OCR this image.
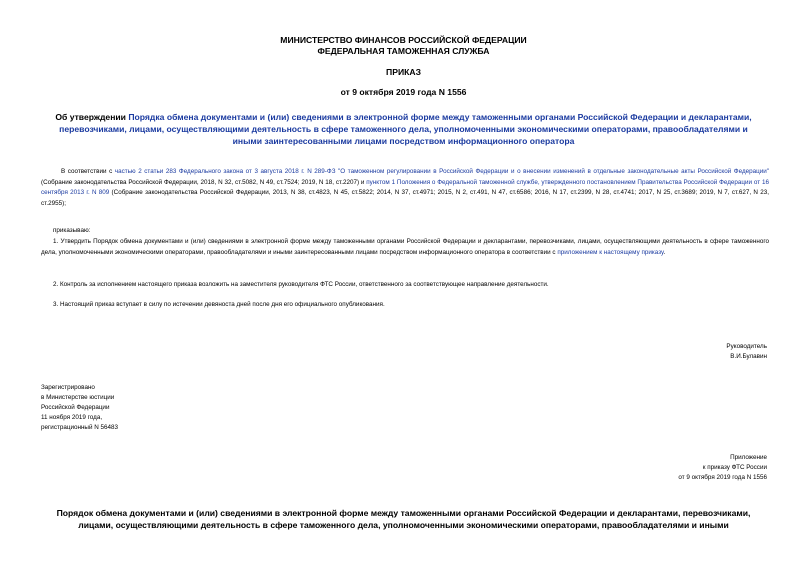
МИНИСТЕРСТВО ФИНАНСОВ РОССИЙСКОЙ ФЕДЕРАЦИИ
ФЕДЕРАЛЬНАЯ ТАМОЖЕННАЯ СЛУЖБА
ПРИКАЗ
от 9 октября 2019 года N 1556
Об утверждении Порядка обмена документами и (или) сведениями в электронной форме между таможенными органами Российской Федерации и декларантами, перевозчиками, лицами, осуществляющими деятельность в сфере таможенного дела, уполномоченными экономическими операторами, правообладателями и иными заинтересованными лицами посредством информационного оператора
В соответствии с частью 2 статьи 283 Федерального закона от 3 августа 2018 г. N 289-ФЗ "О таможенном регулировании в Российской Федерации и о внесении изменений в отдельные законодательные акты Российской Федерации" (Собрание законодательства Российской Федерации, 2018, N 32, ст.5082, N 49, ст.7524; 2019, N 18, ст.2207) и пунктом 1 Положения о Федеральной таможенной службе, утвержденного постановлением Правительства Российской Федерации от 16 сентября 2013 г. N 809 (Собрание законодательства Российской Федерации, 2013, N 38, ст.4823, N 45, ст.5822; 2014, N 37, ст.4971; 2015, N 2, ст.491, N 47, ст.6586; 2016, N 17, ст.2399, N 28, ст.4741; 2017, N 25, ст.3689; 2019, N 7, ст.627, N 23, ст.2955);
приказываю:
1. Утвердить Порядок обмена документами и (или) сведениями в электронной форме между таможенными органами Российской Федерации и декларантами, перевозчиками, лицами, осуществляющими деятельность в сфере таможенного дела, уполномоченными экономическими операторами, правообладателями и иными заинтересованными лицами посредством информационного оператора в соответствии с приложением к настоящему приказу.
2. Контроль за исполнением настоящего приказа возложить на заместителя руководителя ФТС России, ответственного за соответствующее направление деятельности.
3. Настоящий приказ вступает в силу по истечении девяноста дней после дня его официального опубликования.
Руководитель
В.И.Булавин
Зарегистрировано
в Министерстве юстиции
Российской Федерации
11 ноября 2019 года,
регистрационный N 56483
Приложение
к приказу ФТС России
от 9 октября 2019 года N 1556
Порядок обмена документами и (или) сведениями в электронной форме между таможенными органами Российской Федерации и декларантами, перевозчиками, лицами, осуществляющими деятельность в сфере таможенного дела, уполномоченными экономическими операторами, правообладателями и иными
